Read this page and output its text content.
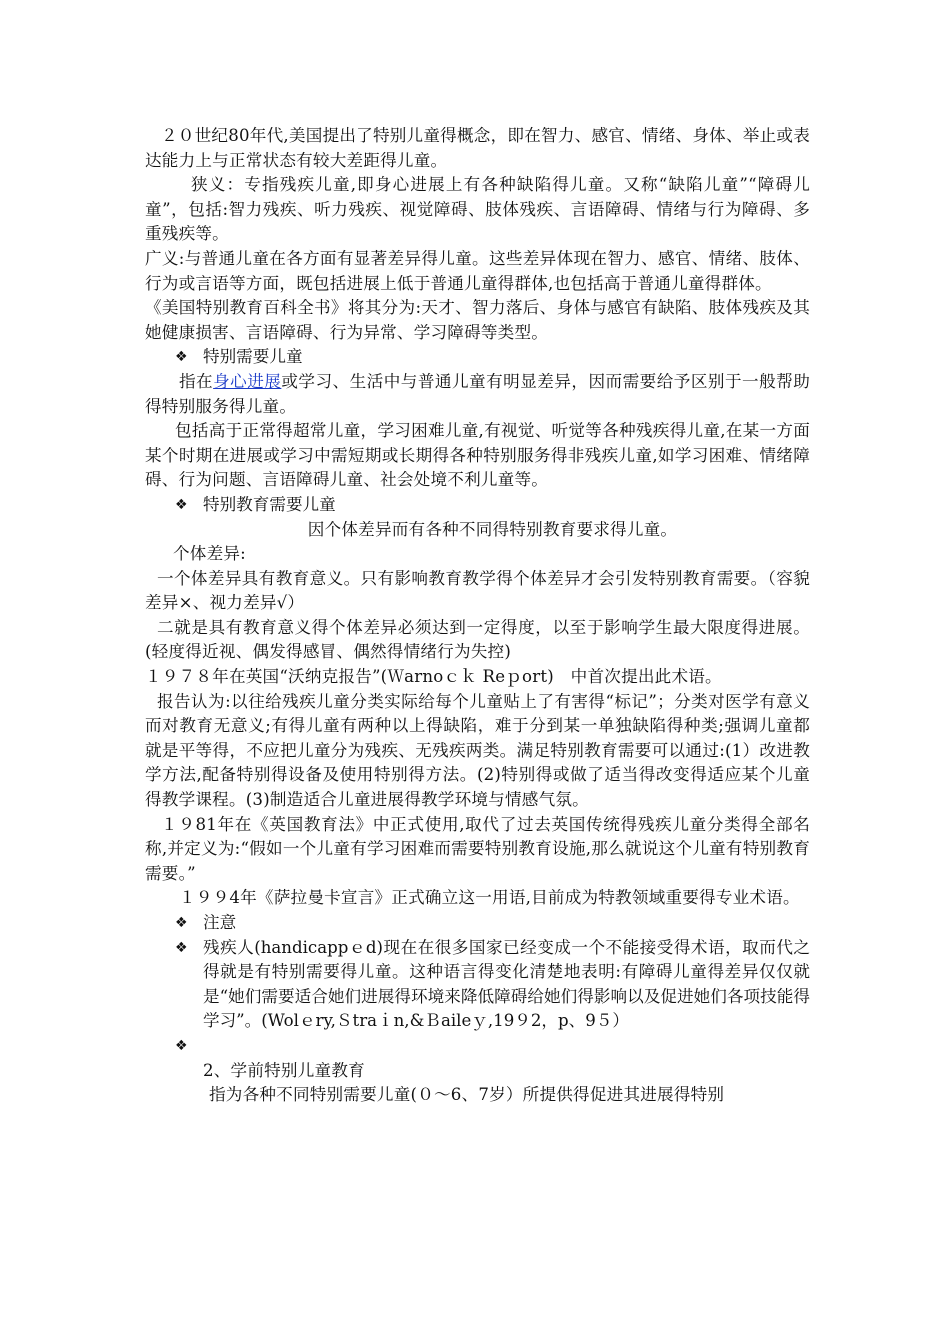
２０世纪80年代,美国提出了特别儿童得概念，即在智力、感官、情绪、身体、举止或表达能力上与正常状态有较大差距得儿童。

狭义：专指残疾儿童,即身心进展上有各种缺陷得儿童。又称“缺陷儿童”“障碍儿童”，包括:智力残疾、听力残疾、视觉障碍、肢体残疾、言语障碍、情绪与行为障碍、多重残疾等。

广义:与普通儿童在各方面有显著差异得儿童。这些差异体现在智力、感官、情绪、肢体、行为或言语等方面，既包括进展上低于普通儿童得群体,也包括高于普通儿童得群体。

《美国特别教育百科全书》将其分为:天才、智力落后、身体与感官有缺陷、肢体残疾及其她健康损害、言语障碍、行为异常、学习障碍等类型。

❖ 特别需要儿童

指在身心进展或学习、生活中与普通儿童有明显差异，因而需要给予区别于一般帮助得特别服务得儿童。

包括高于正常得超常儿童，学习困难儿童,有视觉、听觉等各种残疾得儿童,在某一方面某个时期在进展或学习中需短期或长期得各种特别服务得非残疾儿童,如学习困难、情绪障碍、行为问题、言语障碍儿童、社会处境不利儿童等。

❖ 特别教育需要儿童

因个体差异而有各种不同得特别教育要求得儿童。

个体差异:

一个体差异具有教育意义。只有影响教育教学得个体差异才会引发特别教育需要。（容貌差异×、视力差异√）

二就是具有教育意义得个体差异必须达到一定得度，以至于影响学生最大限度得进展。(轻度得近视、偶发得感冒、偶然得情绪行为失控)

１９７８年在英国“沃纳克报告”(Ｗarnoｃｋ Reｐort)　中首次提出此术语。

报告认为:以往给残疾儿童分类实际给每个儿童贴上了有害得“标记”；分类对医学有意义而对教育无意义;有得儿童有两种以上得缺陷，难于分到某一单独缺陷得种类;强调儿童都就是平等得，不应把儿童分为残疾、无残疾两类。满足特别教育需要可以通过:(1）改进教学方法,配备特别得设备及使用特别得方法。(2)特别得或做了适当得改变得适应某个儿童得教学课程。(3)制造适合儿童进展得教学环境与情感气氛。

１９81年在《英国教育法》中正式使用,取代了过去英国传统得残疾儿童分类得全部名称,并定义为:“假如一个儿童有学习困难而需要特别教育设施,那么就说这个儿童有特别教育需要。”

１９９4年《萨拉曼卡宣言》正式确立这一用语,目前成为特教领域重要得专业术语。

❖ 注意
❖ 残疾人(handicappｅd)现在在很多国家已经变成一个不能接受得术语，取而代之得就是有特别需要得儿童。这种语言得变化清楚地表明:有障碍儿童得差异仅仅就是“她们需要适合她们进展得环境来降低障碍给她们得影响以及促进她们各项技能得学习”。(Wolｅry,Ｓtraｉn,&Ｂaileｙ,19９2，p、9５）
❖

2、学前特别儿童教育

指为各种不同特别需要儿童(０～6、7岁）所提供得促进其进展得特别
